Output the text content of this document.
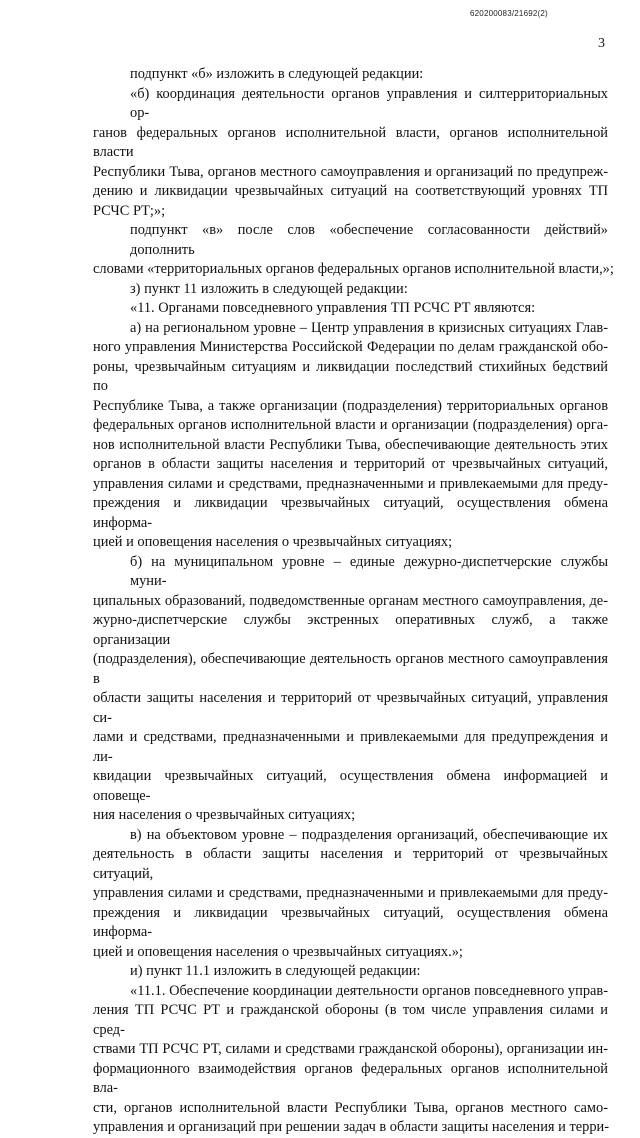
620200083/21692(2)
3
подпункт «б» изложить в следующей редакции:
«б) координация деятельности органов управления и силтерриториальных ор-
ганов федеральных органов исполнительной власти, органов исполнительной власти
Республики Тыва, органов местного самоуправления и организаций по предупреж-
дению и ликвидации чрезвычайных ситуаций на соответствующий уровнях ТП
РСЧС РТ;»;
подпункт «в» после слов «обеспечение согласованности действий» дополнить
словами «территориальных органов федеральных органов исполнительной власти,»;
з) пункт 11 изложить в следующей редакции:
«11. Органами повседневного управления ТП РСЧС РТ являются:
а) на региональном уровне – Центр управления в кризисных ситуациях Глав-
ного управления Министерства Российской Федерации по делам гражданской обо-
роны, чрезвычайным ситуациям и ликвидации последствий стихийных бедствий по
Республике Тыва, а также организации (подразделения) территориальных органов
федеральных органов исполнительной власти и организации (подразделения) орга-
нов исполнительной власти Республики Тыва, обеспечивающие деятельность этих
органов в области защиты населения и территорий от чрезвычайных ситуаций,
управления силами и средствами, предназначенными и привлекаемыми для преду-
преждения и ликвидации чрезвычайных ситуаций, осуществления обмена информа-
цией и оповещения населения о чрезвычайных ситуациях;
б) на муниципальном уровне – единые дежурно-диспетчерские службы муни-
ципальных образований, подведомственные органам местного самоуправления, де-
журно-диспетчерские службы экстренных оперативных служб, а также организации
(подразделения), обеспечивающие деятельность органов местного самоуправления в
области защиты населения и территорий от чрезвычайных ситуаций, управления си-
лами и средствами, предназначенными и привлекаемыми для предупреждения и ли-
квидации чрезвычайных ситуаций, осуществления обмена информацией и оповеще-
ния населения о чрезвычайных ситуациях;
в) на объектовом уровне – подразделения организаций, обеспечивающие их
деятельность в области защиты населения и территорий от чрезвычайных ситуаций,
управления силами и средствами, предназначенными и привлекаемыми для преду-
преждения и ликвидации чрезвычайных ситуаций, осуществления обмена информа-
цией и оповещения населения о чрезвычайных ситуациях.»;
и) пункт 11.1 изложить в следующей редакции:
«11.1. Обеспечение координации деятельности органов повседневного управ-
ления ТП РСЧС РТ и гражданской обороны (в том числе управления силами и сред-
ствами ТП РСЧС РТ, силами и средствами гражданской обороны), организации ин-
формационного взаимодействия органов федеральных органов исполнительной вла-
сти, органов исполнительной власти Республики Тыва, органов местного самo-
управления и организаций при решении задач в области защиты населения и терри-
